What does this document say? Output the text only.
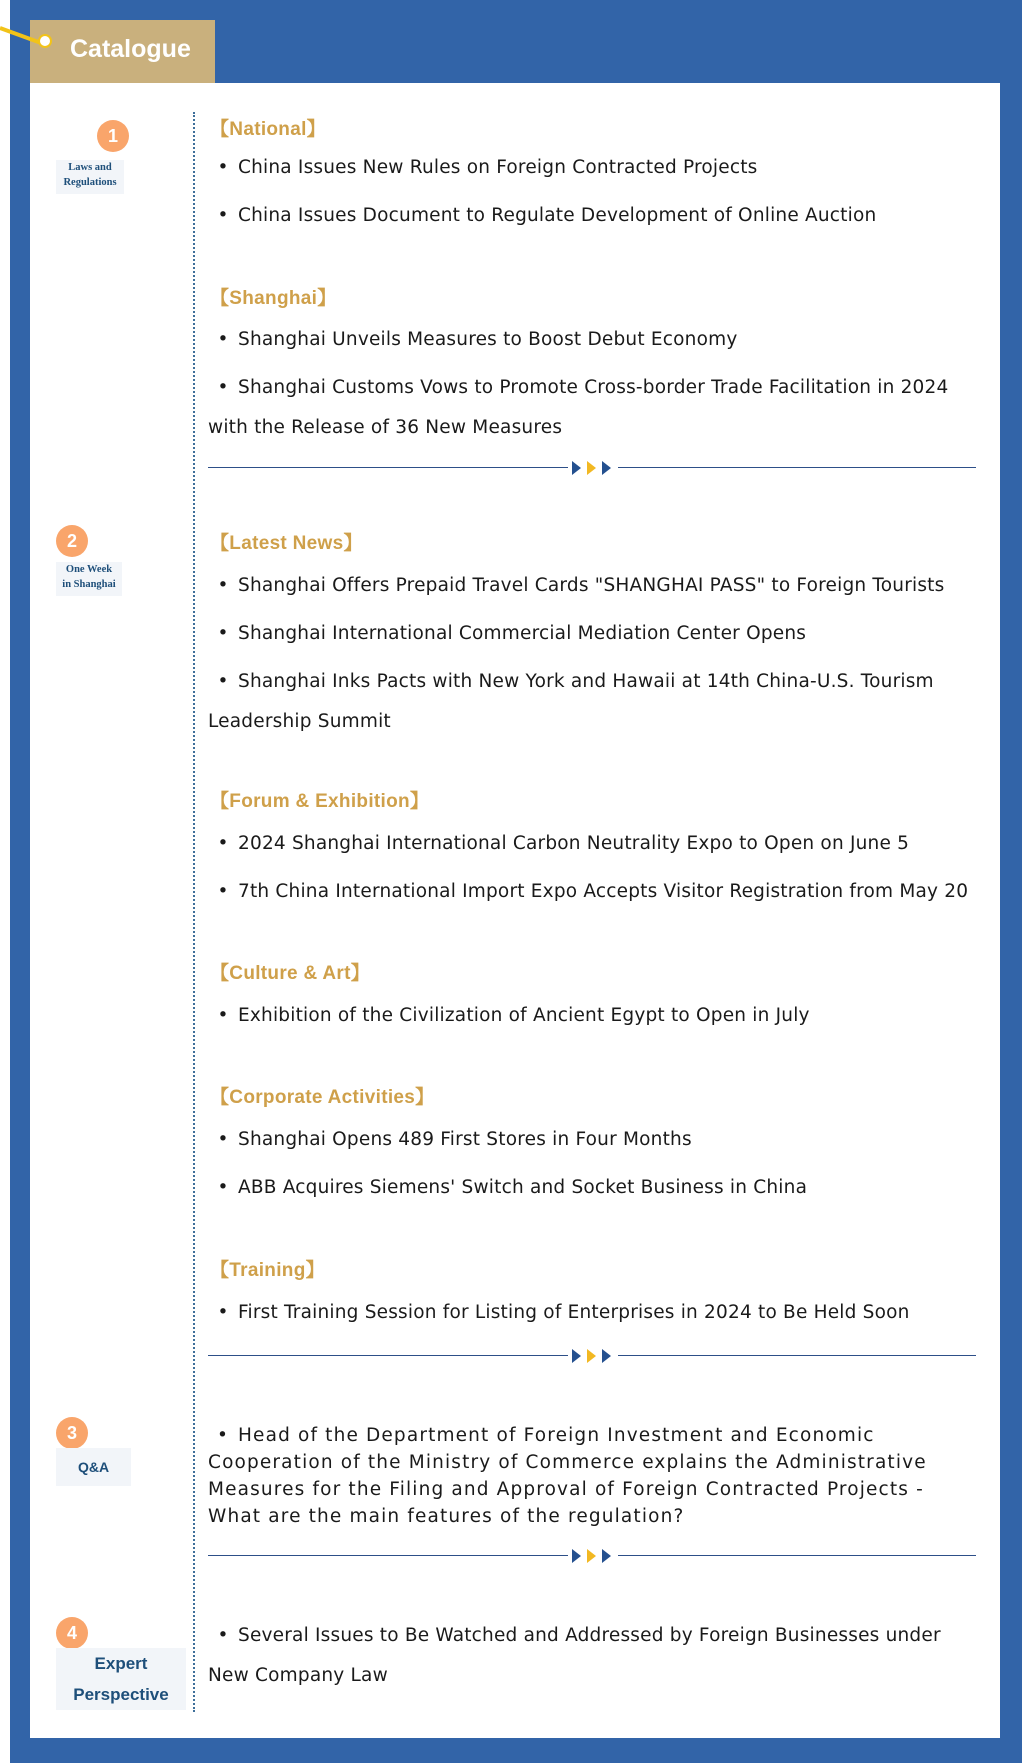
Catalogue
1
Laws and
Regulations
2
One Week
in Shanghai
3
Q&A
4
Expert
Perspective
【National】
• China Issues New Rules on Foreign Contracted Projects
• China Issues Document to Regulate Development of Online Auction
【Shanghai】
• Shanghai Unveils Measures to Boost Debut Economy
• Shanghai Customs Vows to Promote Cross-border Trade Facilitation in 2024 with the Release of 36 New Measures
【Latest News】
• Shanghai Offers Prepaid Travel Cards "SHANGHAI PASS" to Foreign Tourists
• Shanghai International Commercial Mediation Center Opens
• Shanghai Inks Pacts with New York and Hawaii at 14th China-U.S. Tourism Leadership Summit
【Forum & Exhibition】
• 2024 Shanghai International Carbon Neutrality Expo to Open on June 5
• 7th China International Import Expo Accepts Visitor Registration from May 20
【Culture & Art】
• Exhibition of the Civilization of Ancient Egypt to Open in July
【Corporate Activities】
• Shanghai Opens 489 First Stores in Four Months
• ABB Acquires Siemens' Switch and Socket Business in China
【Training】
• First Training Session for Listing of Enterprises in 2024 to Be Held Soon
• Head of the Department of Foreign Investment and Economic Cooperation of the Ministry of Commerce explains the Administrative Measures for the Filing and Approval of Foreign Contracted Projects - What are the main features of the regulation?
• Several Issues to Be Watched and Addressed by Foreign Businesses under New Company Law
